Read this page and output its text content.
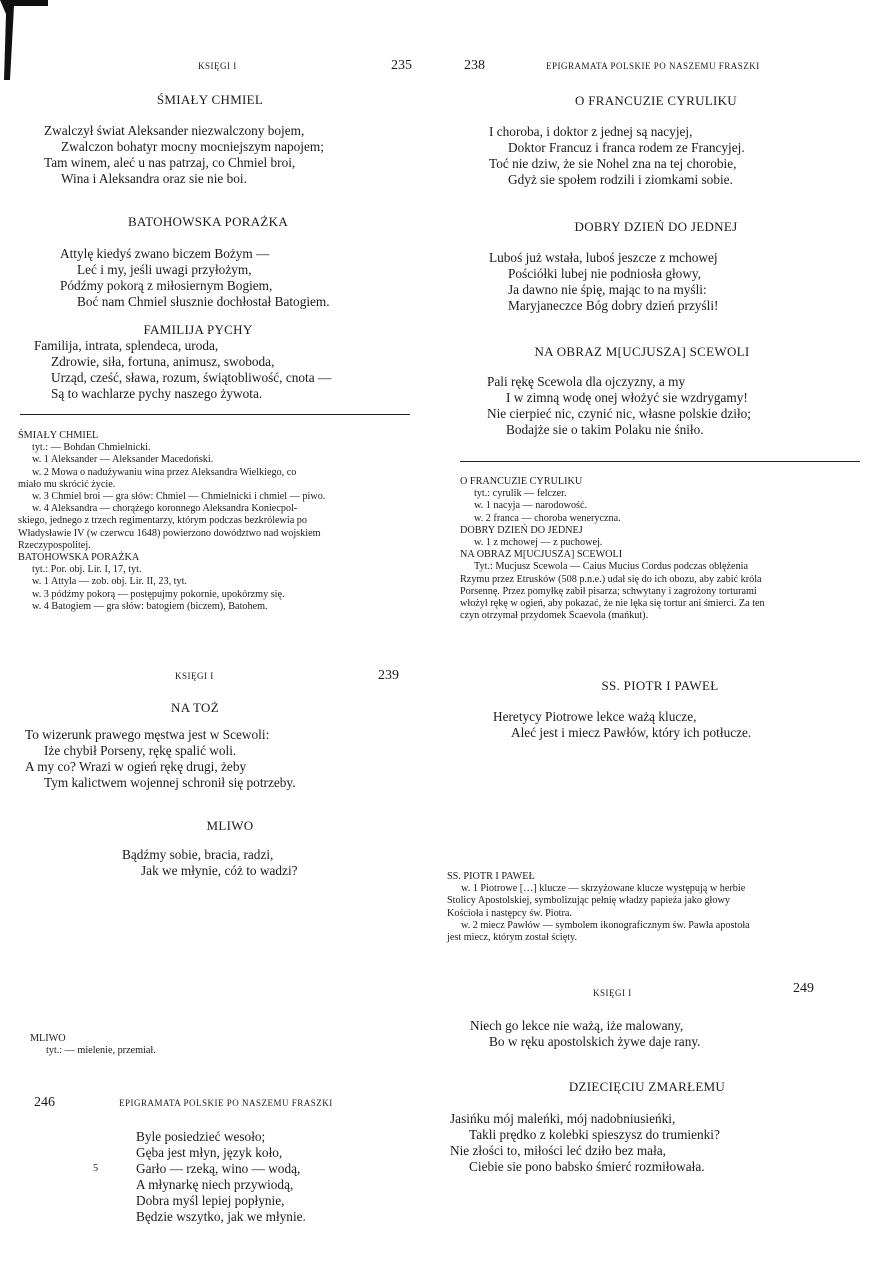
KSIĘGI I	235
ŚMIAŁY CHMIEL
Zwalczył świat Aleksander niezwalczony bojem,
Zwalczon bohatyr mocny mocniejszym napojem;
Tam winem, aleć u nas patrzaj, co Chmiel broi,
Wina i Aleksandra oraz sie nie boi.
BATOHOWSKA PORAŻKA
Attylę kiedyś zwano biczem Bożym —
Leć i my, jeśli uwagi przyłożym,
Pódźmy pokorą z miłosiernym Bogiem,
Boć nam Chmiel słusznie dochłostał Batogiem.
FAMILIJA PYCHY
Familija, intrata, splendeca, uroda,
Zdrowie, siła, fortuna, animusz, swoboda,
Urząd, cześć, sława, rozum, świątobliwość, cnota —
Są to wachlarze pychy naszego żywota.
ŚMIAŁY CHMIEL
tyt.: — Bohdan Chmielnicki.
w. 1 Aleksander — Aleksander Macedoński.
w. 2 Mowa o nadużywaniu wina przez Aleksandra Wielkiego, co
miało mu skrócić życie.
w. 3 Chmiel broi — gra słów: Chmiel — Chmielnicki i chmiel — piwo.
w. 4 Aleksandra — chorążego koronnego Aleksandra Koniecpol-
skiego, jednego z trzech regimentarzy, którym podczas bezkrólewia po
Władysławie IV (w czerwcu 1648) powierzono dowództwo nad wojskiem
Rzeczypospolitej.
BATOHOWSKA PORAŻKA
tyt.: Por. obj. Lir. I, 17, tyt.
w. 1 Attyla — zob. obj. Lir. II, 23, tyt.
w. 3 pódźmy pokorą — postępujmy pokornie, upokórzmy się.
w. 4 Batogiem — gra słów: batogiem (biczem), Batohem.
238	EPIGRAMATA POLSKIE PO NASZEMU FRASZKI
O FRANCUZIE CYRULIKU
I choroba, i doktor z jednej są nacyjej,
Doktor Francuz i franca rodem ze Francyjej.
Toć nie dziw, że sie Nohel zna na tej chorobie,
Gdyż sie społem rodzili i ziomkami sobie.
DOBRY DZIEŃ DO JEDNEJ
Luboś już wstała, luboś jeszcze z mchowej
Pościółki lubej nie podniosła głowy,
Ja dawno nie śpię, mając to na myśli:
Maryjaneczce Bóg dobry dzień przyśli!
NA OBRAZ M[UCJUSZA] SCEWOLI
Pali rękę Scewola dla ojczyzny, a my
I w zimną wodę onej włożyć sie wzdrygamy!
Nie cierpieć nic, czynić nic, własne polskie dziło;
Bodajże sie o takim Polaku nie śniło.
O FRANCUZIE CYRULIKU
tyt.: cyrulik — felczer.
w. 1 nacyja — narodowość.
w. 2 franca — choroba weneryczna.
DOBRY DZIEŃ DO JEDNEJ
w. 1 z mchowej — z puchowej.
NA OBRAZ M[UCJUSZA] SCEWOLI
Tyt.: Mucjusz Scewola — Caius Mucius Cordus podczas oblężenia
Rzymu przez Etrusków (508 p.n.e.) udał się do ich obozu, aby zabić króla
Porsennę. Przez pomyłkę zabił pisarza; schwytany i zagrożony torturami
włożył rękę w ogień, aby pokazać, że nie lęka się tortur ani śmierci. Za ten
czyn otrzymał przydomek Scaevola (mańkut).
KSIĘGI I	239
NA TOŻ
To wizerunk prawego męstwa jest w Scewoli:
Iże chybił Porseny, rękę spalić woli.
A my co? Wrazi w ogień rękę drugi, żeby
Tym kalictwem wojennej schronił się potrzeby.
MLIWO
Bądźmy sobie, bracia, radzi,
Jak we młynie, cóż to wadzi?
MLIWO
tyt.: — mielenie, przemiał.
SS. PIOTR I PAWEŁ
Heretycy Piotrowe lekce ważą klucze,
Aleć jest i miecz Pawłów, który ich potłucze.
SS. PIOTR I PAWEŁ
w. 1 Piotrowe […] klucze — skrzyżowane klucze występują w herbie
Stolicy Apostolskiej, symbolizując pełnię władzy papieża jako głowy
Kościoła i następcy św. Piotra.
w. 2 miecz Pawłów — symbolem ikonograficznym św. Pawła apostoła
jest miecz, którym został ścięty.
246	EPIGRAMATA POLSKIE PO NASZEMU FRASZKI
Byle posiedzieć wesoło;
Gęba jest młyn, język koło,
Garło — rzeką, wino — wodą,
A młynarkę niech przywiodą,
Dobra myśl lepiej popłynie,
Będzie wszytko, jak we młynie.
5
KSIĘGI I	249
Niech go lekce nie ważą, iże malowany,
Bo w ręku apostolskich żywe daje rany.
DZIECIĘCIU ZMARŁEMU
Jasińku mój maleńki, mój nadobniusieńki,
Takli prędko z kolebki spieszysz do trumienki?
Nie złości to, miłości leć dziło bez mała,
Ciebie sie pono babsko śmierć rozmiłowała.
